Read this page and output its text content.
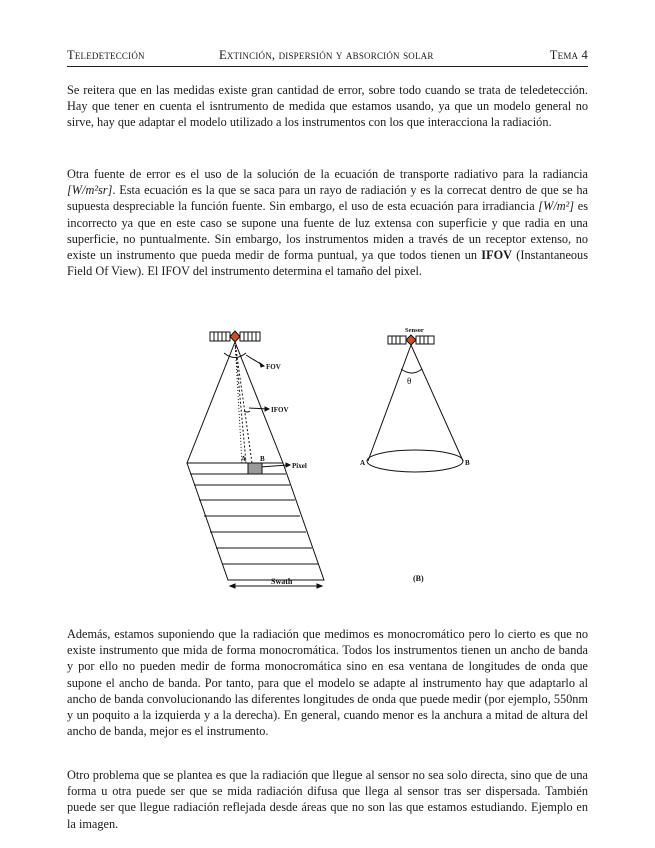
Teledetección	Extinción, dispersión y absorción solar	Tema 4

Se reitera que en las medidas existe gran cantidad de error, sobre todo cuando se trata de teledetección. Hay que tener en cuenta el isntrumento de medida que estamos usando, ya que un modelo general no sirve, hay que adaptar el modelo utilizado a los instrumentos con los que interacciona la radiación.

Otra fuente de error es el uso de la solución de la ecuación de transporte radiativo para la radiancia [W/m²sr]. Esta ecuación es la que se saca para un rayo de radiación y es la correcat dentro de que se ha supuesta despreciable la función fuente. Sin embargo, el uso de esta ecuación para irradiancia [W/m²] es incorrecto ya que en este caso se supone una fuente de luz extensa con superficie y que radia en una superficie, no puntualmente. Sin embargo, los instrumentos miden a través de un receptor extenso, no existe un instrumento que pueda medir de forma puntual, ya que todos tienen un IFOV (Instantaneous Field Of View). El IFOV del instrumento determina el tamaño del pixel.

FOV
IFOV
Pixel
A B
Swath
Sensor
θ
A	B
(B)

Además, estamos suponiendo que la radiación que medimos es monocromático pero lo cierto es que no existe instrumento que mida de forma monocromática. Todos los instrumentos tienen un ancho de banda y por ello no pueden medir de forma monocromática sino en esa ventana de longitudes de onda que supone el ancho de banda. Por tanto, para que el modelo se adapte al instrumento hay que adaptarlo al ancho de banda convolucionando las diferentes longitudes de onda que puede medir (por ejemplo, 550nm y un poquito a la izquierda y a la derecha). En general, cuando menor es la anchura a mitad de altura del ancho de banda, mejor es el instrumento.

Otro problema que se plantea es que la radiación que llegue al sensor no sea solo directa, sino que de una forma u otra puede ser que se mida radiación difusa que llega al sensor tras ser dispersada. También puede ser que llegue radiación reflejada desde áreas que no son las que estamos estudiando. Ejemplo en la imagen.
